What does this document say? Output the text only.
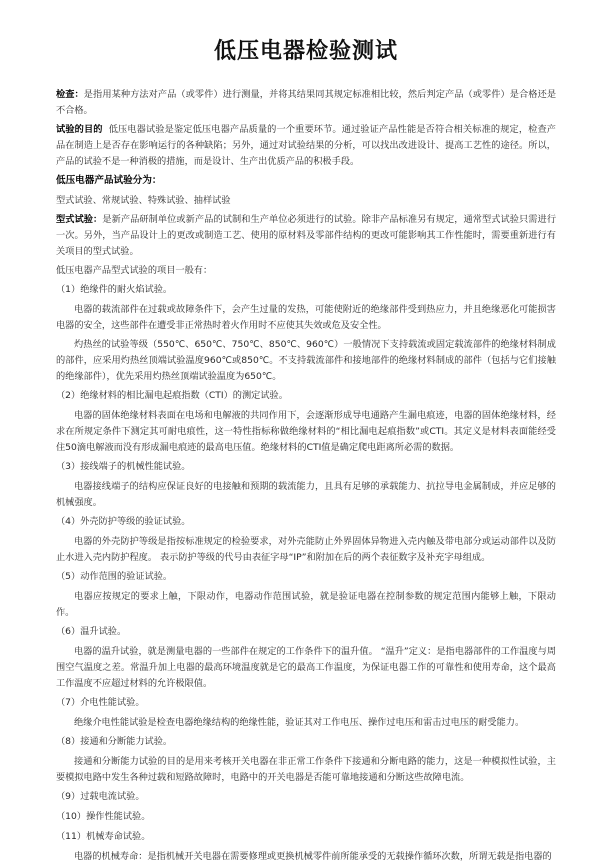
低压电器检验测试
检查：是指用某种方法对产品（或零件）进行测量，并将其结果同其规定标准相比较，然后判定产品（或零件）是合格还是不合格。
试验的目的 低压电器试验是鉴定低压电器产品质量的一个重要环节。通过验证产品性能是否符合相关标准的规定，检查产品在制造上是否存在影响运行的各种缺陷；另外，通过对试验结果的分析，可以找出改进设计、提高工艺性的途径。所以，产品的试验不是一种消极的措施，而是设计、生产出优质产品的积极手段。
低压电器产品试验分为：
型式试验、常规试验、特殊试验、抽样试验
型式试验：是新产品研制单位或新产品的试制和生产单位必须进行的试验。除非产品标准另有规定，通常型式试验只需进行一次。另外，当产品设计上的更改或制造工艺、使用的原材料及零部件结构的更改可能影响其工作性能时，需要重新进行有关项目的型式试验。
低压电器产品型式试验的项目一般有：
（1）绝缘件的耐火焰试验。
电器的载流部件在过载或故障条件下，会产生过量的发热，可能使附近的绝缘部件受到热应力，并且绝缘恶化可能损害电器的安全，这些部件在遭受非正常热时着火作用时不应使其失效或危及安全性。
灼热丝的试验等级（550℃、650℃、750℃、850℃、960℃）一般情况下支持载流或固定载流部件的绝缘材料制成的部件，应采用灼热丝顶端试验温度960℃或850℃。不支持载流部件和接地部件的绝缘材料制成的部件（包括与它们接触的绝缘部件），优先采用灼热丝顶端试验温度为650℃。
（2）绝缘材料的相比漏电起痕指数（CTI）的测定试验。
电器的固体绝缘材料表面在电场和电解液的共同作用下，会逐渐形成导电通路产生漏电痕迹，电器的固体绝缘材料，经求在所规定条件下测定其可耐电痕性，这一特性指标称做绝缘材料的“相比漏电起痕指数”或CTI。其定义是材料表面能经受住50滴电解液而没有形成漏电痕迹的最高电压值。绝缘材料的CTI值是确定爬电距离所必需的数据。
（3）接线端子的机械性能试验。
电器接线端子的结构应保证良好的电接触和预期的载流能力，且具有足够的承载能力、抗拉导电金属制成，并应足够的机械强度。
（4）外壳防护等级的验证试验。
电器的外壳防护等级是指按标准规定的检验要求，对外壳能防止外界固体异物进入壳内触及带电部分或运动部件以及防止水进入壳内防护程度。 表示防护等级的代号由表征字母“IP”和附加在后的两个表征数字及补充字母组成。
（5）动作范围的验证试验。
电器应按规定的要求上触，下限动作，电器动作范围试验，就是验证电器在控制参数的规定范围内能够上触，下限动作。
（6）温升试验。
电器的温升试验，就是测量电器的一些部件在规定的工作条件下的温升值。 “温升”定义：是指电器部件的工作温度与周围空气温度之差。常温升加上电器的最高环境温度就是它的最高工作温度，为保证电器工作的可靠性和使用寿命，这个最高工作温度不应超过材料的允许极限值。
（7）介电性能试验。
绝缘介电性能试验是检查电器绝缘结构的绝缘性能，验证其对工作电压、操作过电压和雷击过电压的耐受能力。
（8）接通和分断能力试验。
接通和分断能力试验的目的是用来考核开关电器在非正常工作条件下接通和分断电路的能力，这是一种模拟性试验，主要模拟电路中发生各种过载和短路故障时，电路中的开关电器是否能可靠地接通和分断这些故障电流。
（9）过载电流试验。
（10）操作性能试验。
（11）机械寿命试验。
电器的机械寿命：是指机械开关电器在需要修理或更换机械零件前所能承受的无载操作循环次数，所谓无载是指电器的
